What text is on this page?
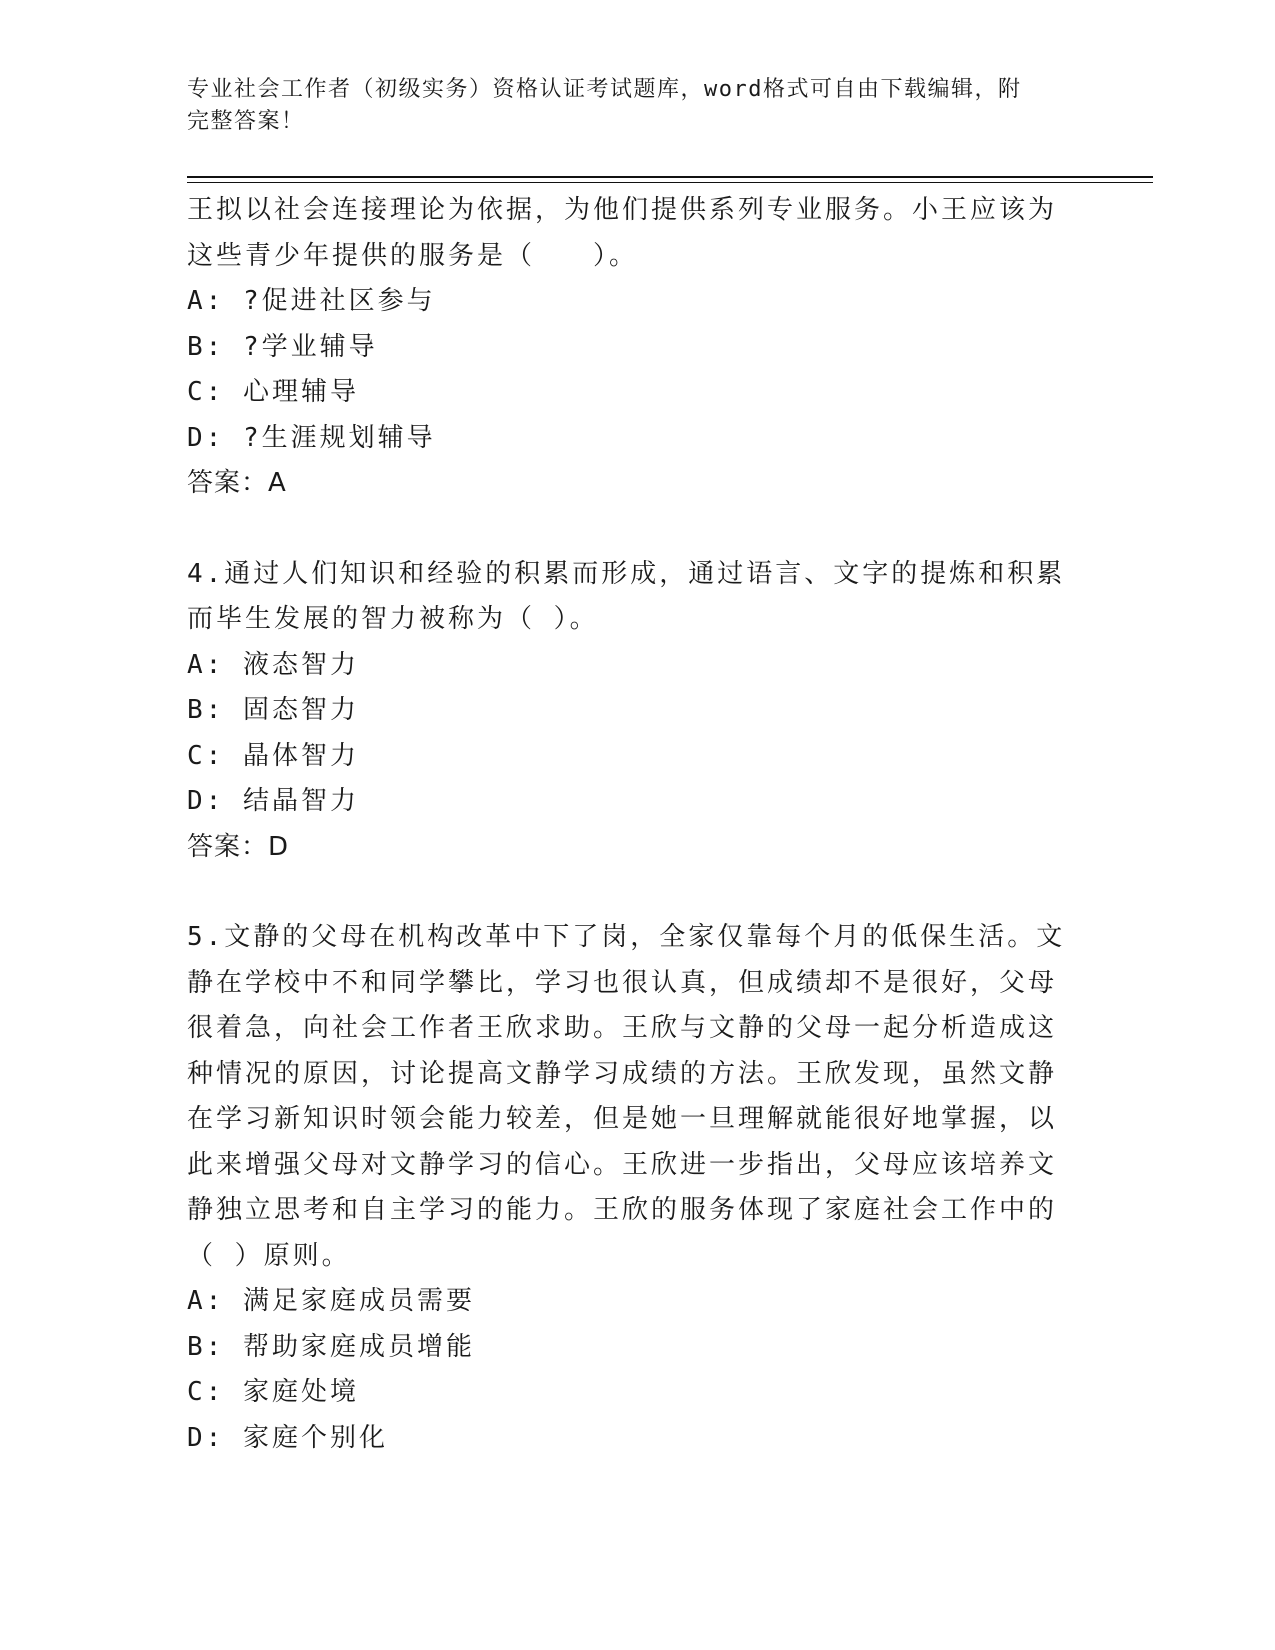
专业社会工作者（初级实务）资格认证考试题库，word格式可自由下载编辑，附
完整答案！

王拟以社会连接理论为依据，为他们提供系列专业服务。小王应该为

这些青少年提供的服务是（　　）。

A: ?促进社区参与

B: ?学业辅导

C: 心理辅导

D: ?生涯规划辅导

答案：A

4.通过人们知识和经验的积累而形成，通过语言、文字的提炼和积累

而毕生发展的智力被称为（ ）。

A: 液态智力

B: 固态智力

C: 晶体智力

D: 结晶智力

答案：D

5.文静的父母在机构改革中下了岗，全家仅靠每个月的低保生活。文

静在学校中不和同学攀比，学习也很认真，但成绩却不是很好，父母

很着急，向社会工作者王欣求助。王欣与文静的父母一起分析造成这

种情况的原因，讨论提高文静学习成绩的方法。王欣发现，虽然文静

在学习新知识时领会能力较差，但是她一旦理解就能很好地掌握，以

此来增强父母对文静学习的信心。王欣进一步指出，父母应该培养文

静独立思考和自主学习的能力。王欣的服务体现了家庭社会工作中的

（ ）原则。

A: 满足家庭成员需要

B: 帮助家庭成员增能

C: 家庭处境

D: 家庭个别化
